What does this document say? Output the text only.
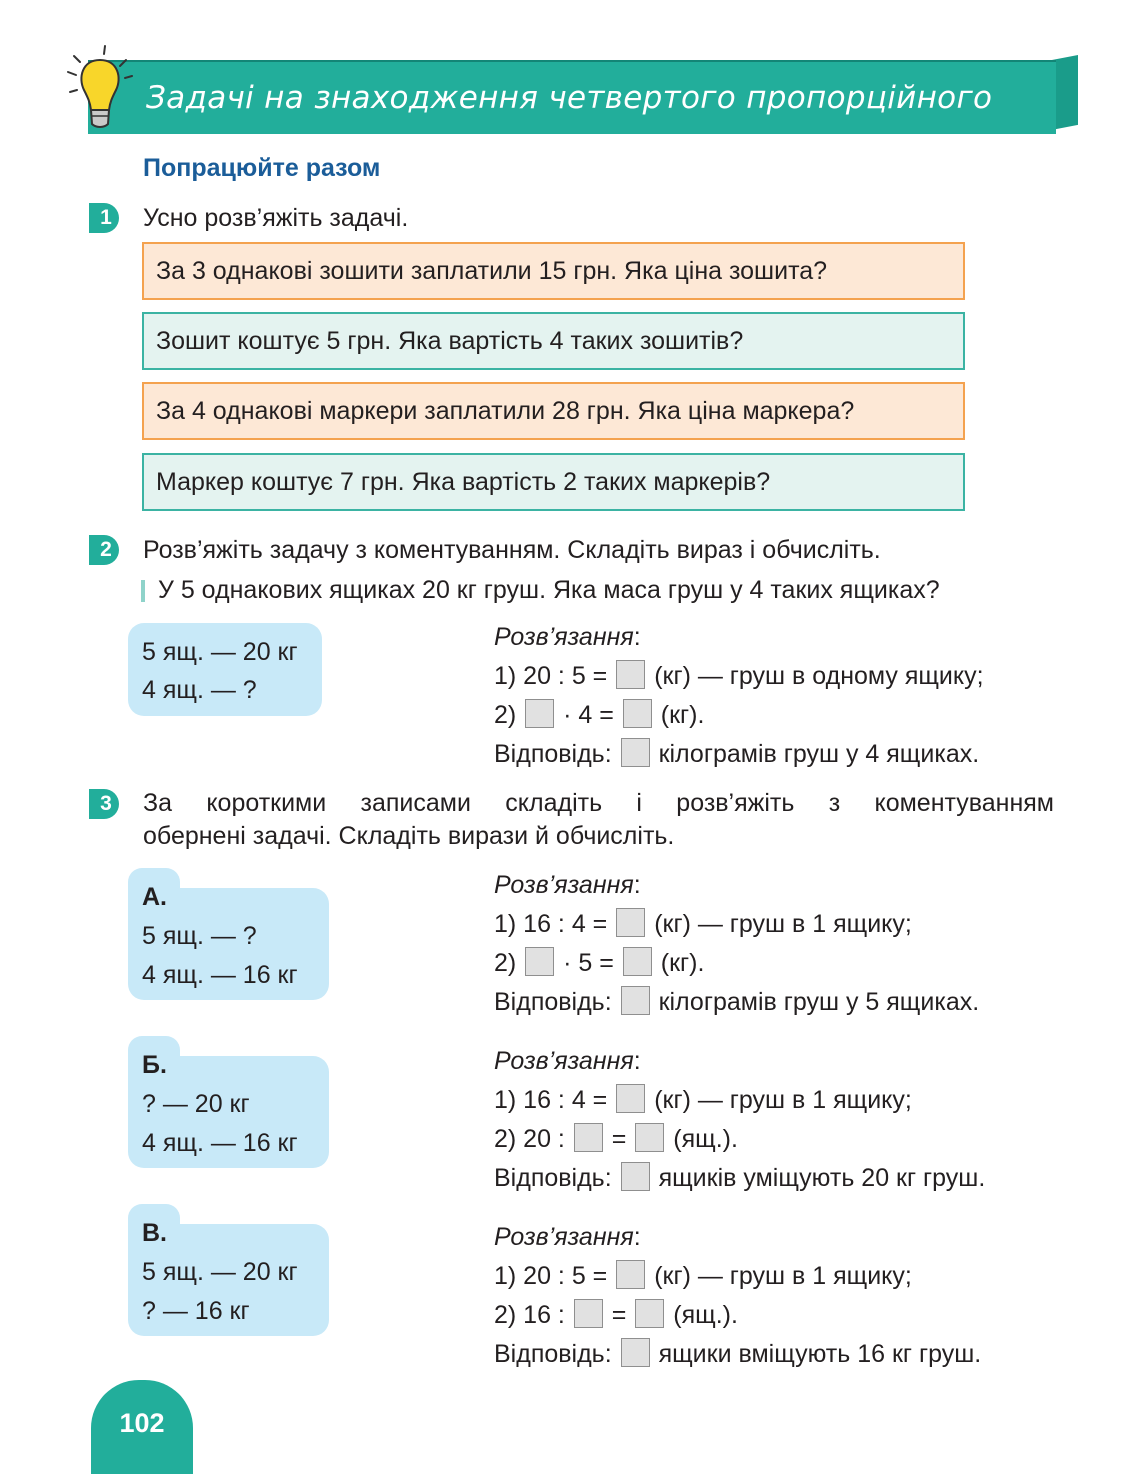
Задачі на знаходження четвертого пропорційного
Попрацюйте разом
1 Усно розв’яжіть задачі.
За 3 однакові зошити заплатили 15 грн. Яка ціна зошита?
Зошит коштує 5 грн. Яка вартість 4 таких зошитів?
За 4 однакові маркери заплатили 28 грн. Яка ціна маркера?
Маркер коштує 7 грн. Яка вартість 2 таких маркерів?
2 Розв’яжіть задачу з коментуванням. Складіть вираз і обчисліть.
У 5 однакових ящиках 20 кг груш. Яка маса груш у 4 таких ящиках?
5 ящ. — 20 кг
4 ящ. — ?
Розв’язання:
1) 20 : 5 = (кг) — груш в одному ящику;
2) · 4 = (кг).
Відповідь: кілограмів груш у 4 ящиках.
3 За короткими записами складіть і розв’яжіть з коментуванням
обернені задачі. Складіть вирази й обчисліть.
А.
5 ящ. — ?
4 ящ. — 16 кг
Розв’язання:
1) 16 : 4 = (кг) — груш в 1 ящику;
2) · 5 = (кг).
Відповідь: кілограмів груш у 5 ящиках.
Б.
? — 20 кг
4 ящ. — 16 кг
Розв’язання:
1) 16 : 4 = (кг) — груш в 1 ящику;
2) 20 : = (ящ.).
Відповідь: ящиків уміщують 20 кг груш.
В.
5 ящ. — 20 кг
? — 16 кг
Розв’язання:
1) 20 : 5 = (кг) — груш в 1 ящику;
2) 16 : = (ящ.).
Відповідь: ящики вміщують 16 кг груш.
102
